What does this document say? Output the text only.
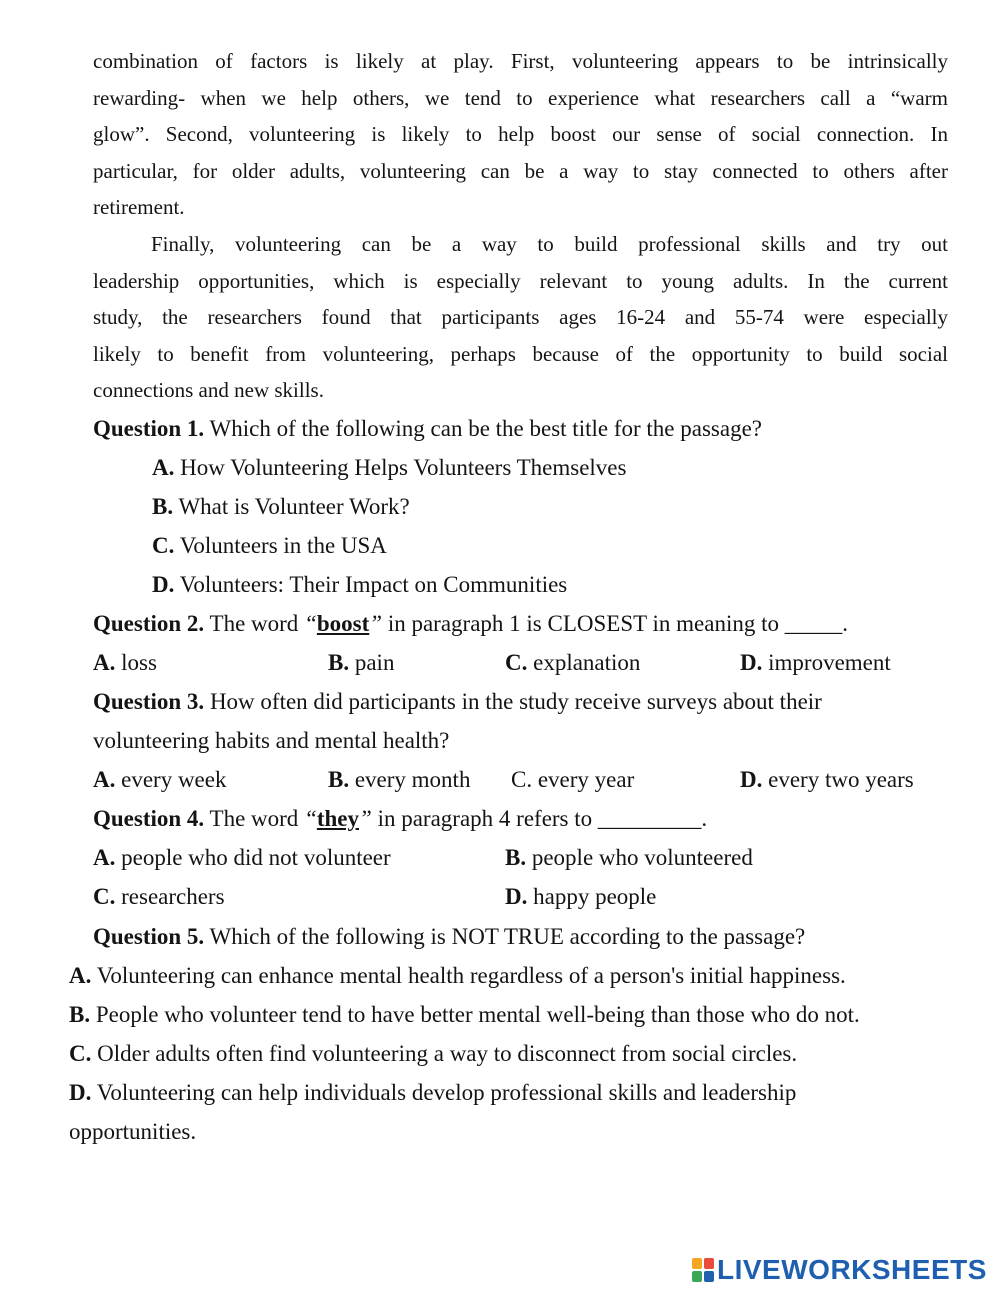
combination of factors is likely at play. First, volunteering appears to be intrinsically
rewarding- when we help others, we tend to experience what researchers call a “warm
glow”. Second, volunteering is likely to help boost our sense of social connection. In
particular, for older adults, volunteering can be a way to stay connected to others after
retirement.
Finally, volunteering can be a way to build professional skills and try out
leadership opportunities, which is especially relevant to young adults. In the current
study, the researchers found that participants ages 16-24 and 55-74 were especially
likely to benefit from volunteering, perhaps because of the opportunity to build social
connections and new skills.
Question 1. Which of the following can be the best title for the passage?
A. How Volunteering Helps Volunteers Themselves
B. What is Volunteer Work?
C. Volunteers in the USA
D. Volunteers: Their Impact on Communities
Question 2. The word “boost” in paragraph 1 is CLOSEST in meaning to _____.
A. loss	B. pain	C. explanation	D. improvement
Question 3. How often did participants in the study receive surveys about their
volunteering habits and mental health?
A. every week	B. every month C. every year	D. every two years
Question 4. The word “they” in paragraph 4 refers to _________.
A. people who did not volunteer	B. people who volunteered
C. researchers	D. happy people
Question 5. Which of the following is NOT TRUE according to the passage?
A. Volunteering can enhance mental health regardless of a person's initial happiness.
B. People who volunteer tend to have better mental well-being than those who do not.
C. Older adults often find volunteering a way to disconnect from social circles.
D. Volunteering can help individuals develop professional skills and leadership
opportunities.
LIVEWORKSHEETS
